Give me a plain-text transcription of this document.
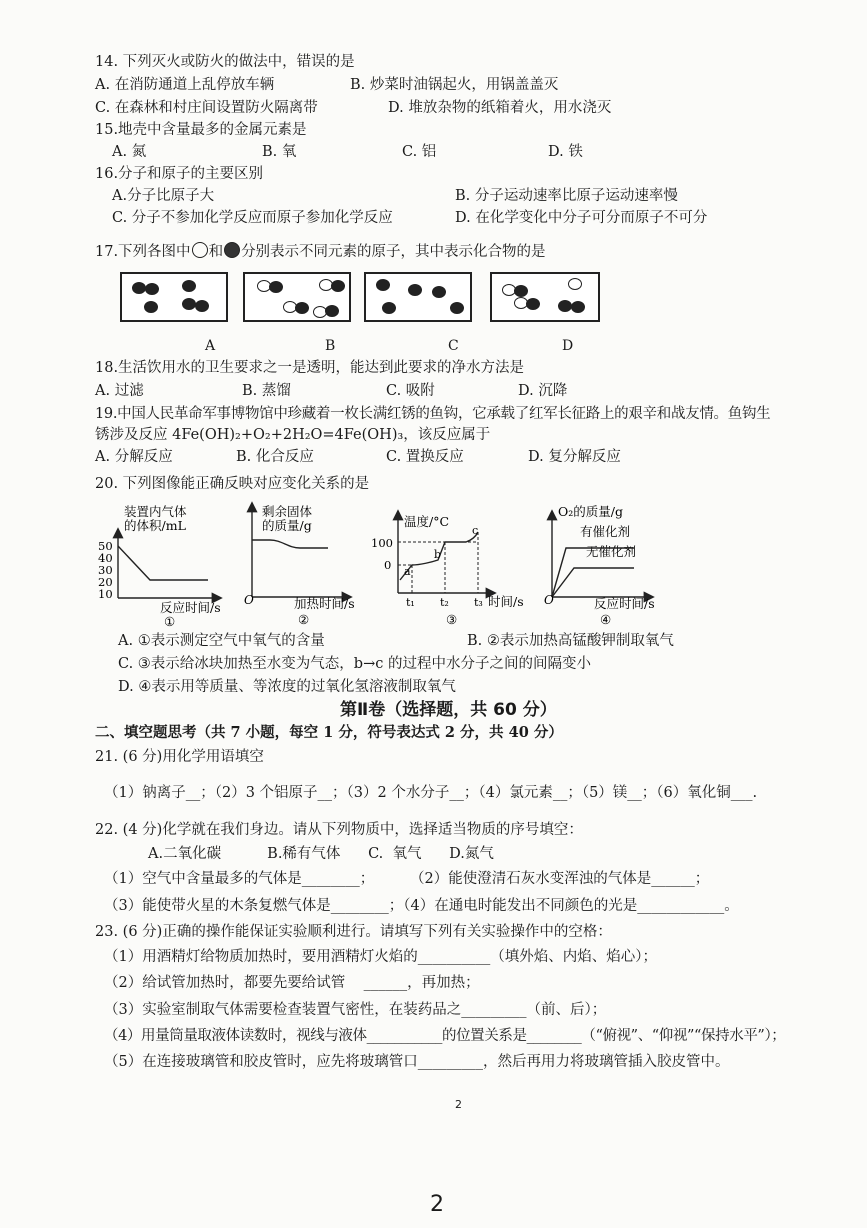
14. 下列灭火或防火的做法中，错误的是
A. 在消防通道上乱停放车辆	B. 炒菜时油锅起火，用锅盖盖灭
C. 在森林和村庄间设置防火隔离带	D. 堆放杂物的纸箱着火，用水浇灭
15.地壳中含量最多的金属元素是
A. 氮	B. 氧	C. 铝	D. 铁
16.分子和原子的主要区别
A.分子比原子大	B. 分子运动速率比原子运动速率慢
C. 分子不参加化学反应而原子参加化学反应	D. 在化学变化中分子可分而原子不可分
17.下列各图中 和 分别表示不同元素的原子，其中表示化合物的是
A	B	C	D
18.生活饮用水的卫生要求之一是透明，能达到此要求的净水方法是
A. 过滤	B. 蒸馏	C. 吸附	D. 沉降
19.中国人民革命军事博物馆中珍藏着一枚长满红锈的鱼钩，它承载了红军长征路上的艰辛和战友情。鱼钩生
锈涉及反应 4Fe(OH)₂+O₂+2H₂O=4Fe(OH)₃，该反应属于
A. 分解反应	B. 化合反应	C. 置换反应	D. 复分解反应
20. 下列图像能正确反映对应变化关系的是
装置内气体
的体积/mL
50
40
30
20
10
反应时间/s
①
剩余固体
的质量/g
O	加热时间/s
②
温度/°C
100
0 a
b
c
t₁ t₂ t₃ 时间/s
③
O₂的质量/g
有催化剂
无催化剂
O	反应时间/s
④
A. ①表示测定空气中氧气的含量	B. ②表示加热高锰酸钾制取氧气
C. ③表示给冰块加热至水变为气态，b→c 的过程中水分子之间的间隔变小
D. ④表示用等质量、等浓度的过氧化氢溶液制取氧气
第Ⅱ卷（选择题，共 60 分）
二、填空题思考（共 7 小题，每空 1 分，符号表达式 2 分，共 40 分）
21. (6 分)用化学用语填空
（1）钠离子__；（2）3 个铝原子__；（3）2 个水分子__；（4）氯元素__；（5）镁__；（6）氧化铜___.
22. (4 分)化学就在我们身边。请从下列物质中，选择适当物质的序号填空：
A.二氧化碳          B.稀有气体      C.  氧气      D.氮气
（1）空气中含量最多的气体是________； （2）能使澄清石灰水变浑浊的气体是______；
（3）能使带火星的木条复燃气体是________；（4）在通电时能发出不同颜色的光是____________。
23. (6 分)正确的操作能保证实验顺利进行。请填写下列有关实验操作中的空格：
（1）用酒精灯给物质加热时，要用酒精灯火焰的__________（填外焰、内焰、焰心）；
（2）给试管加热时，都要先要给试管    ______，再加热；
（3）实验室制取气体需要检查装置气密性，在装药品之_________（前、后）；
（4）用量筒量取液体读数时，视线与液体___________的位置关系是________（“俯视”、“仰视”“保持水平”）；
（5）在连接玻璃管和胶皮管时，应先将玻璃管口_________，然后再用力将玻璃管插入胶皮管中。
2
2
